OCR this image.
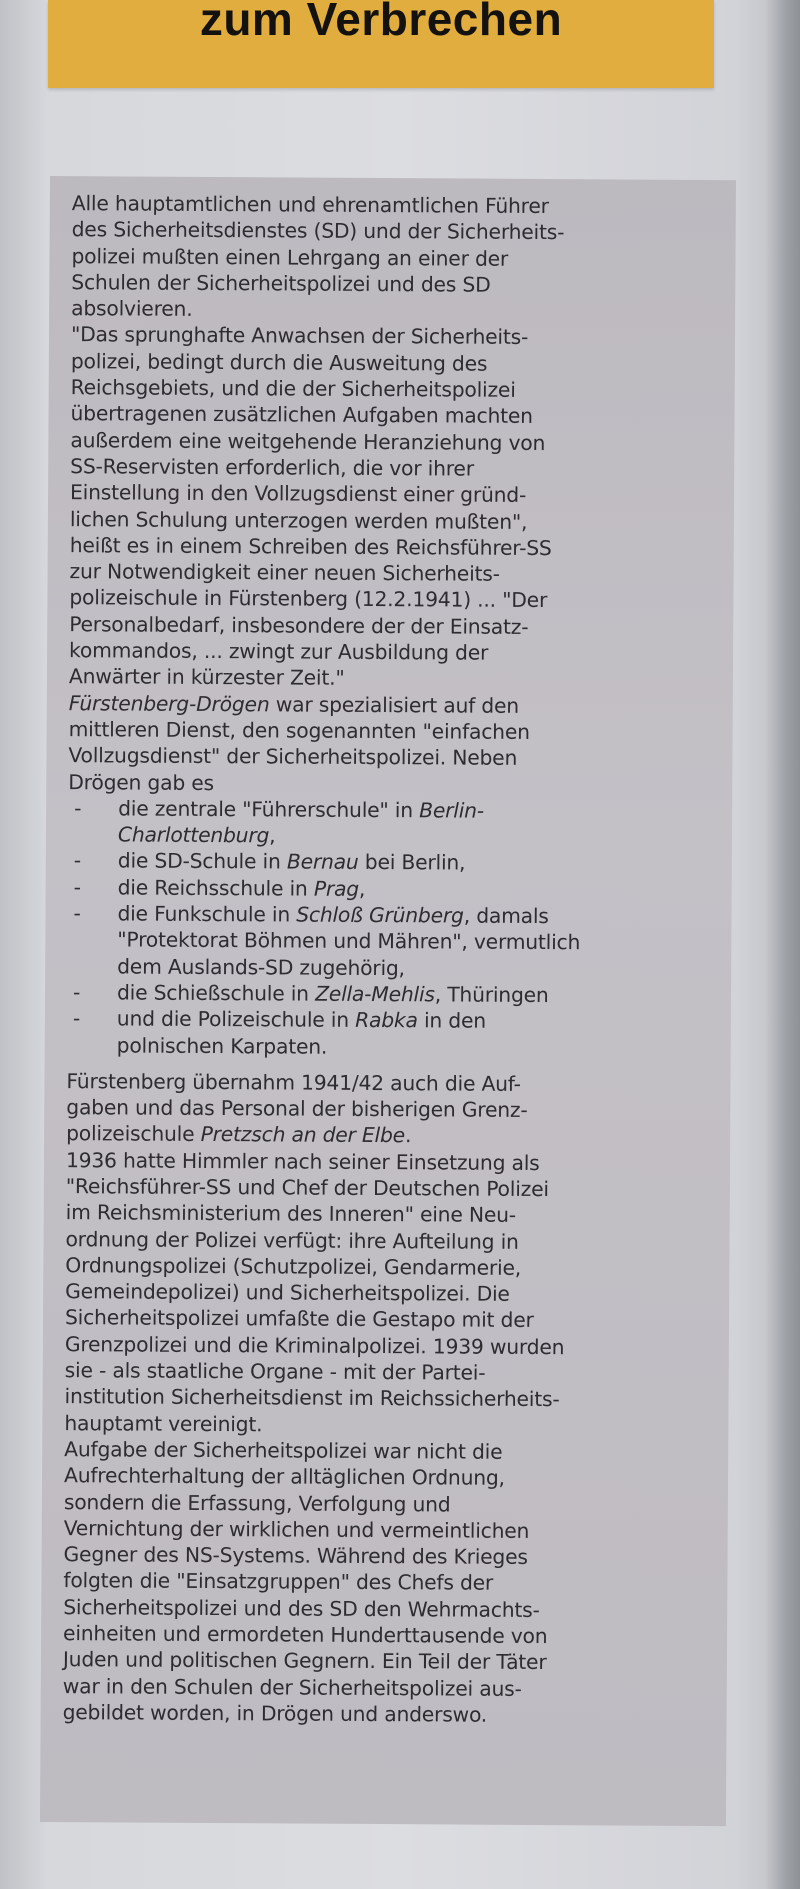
zum Verbrechen
Alle hauptamtlichen und ehrenamtlichen Führer
des Sicherheitsdienstes (SD) und der Sicherheits-
polizei mußten einen Lehrgang an einer der
Schulen der Sicherheitspolizei und des SD
absolvieren.
"Das sprunghafte Anwachsen der Sicherheits-
polizei, bedingt durch die Ausweitung des
Reichsgebiets, und die der Sicherheitspolizei
übertragenen zusätzlichen Aufgaben machten
außerdem eine weitgehende Heranziehung von
SS-Reservisten erforderlich, die vor ihrer
Einstellung in den Vollzugsdienst einer gründ-
lichen Schulung unterzogen werden mußten",
heißt es in einem Schreiben des Reichsführer-SS
zur Notwendigkeit einer neuen Sicherheits-
polizeischule in Fürstenberg (12.2.1941) ... "Der
Personalbedarf, insbesondere der der Einsatz-
kommandos, ... zwingt zur Ausbildung der
Anwärter in kürzester Zeit."
Fürstenberg-Drögen war spezialisiert auf den
mittleren Dienst, den sogenannten "einfachen
Vollzugsdienst" der Sicherheitspolizei. Neben
Drögen gab es
- die zentrale "Führerschule" in Berlin-
Charlottenburg,
- die SD-Schule in Bernau bei Berlin,
- die Reichsschule in Prag,
- die Funkschule in Schloß Grünberg, damals
"Protektorat Böhmen und Mähren", vermutlich
dem Auslands-SD zugehörig,
- die Schießschule in Zella-Mehlis, Thüringen
- und die Polizeischule in Rabka in den
polnischen Karpaten.
Fürstenberg übernahm 1941/42 auch die Auf-
gaben und das Personal der bisherigen Grenz-
polizeischule Pretzsch an der Elbe.
1936 hatte Himmler nach seiner Einsetzung als
"Reichsführer-SS und Chef der Deutschen Polizei
im Reichsministerium des Inneren" eine Neu-
ordnung der Polizei verfügt: ihre Aufteilung in
Ordnungspolizei (Schutzpolizei, Gendarmerie,
Gemeindepolizei) und Sicherheitspolizei. Die
Sicherheitspolizei umfaßte die Gestapo mit der
Grenzpolizei und die Kriminalpolizei. 1939 wurden
sie - als staatliche Organe - mit der Partei-
institution Sicherheitsdienst im Reichssicherheits-
hauptamt vereinigt.
Aufgabe der Sicherheitspolizei war nicht die
Aufrechterhaltung der alltäglichen Ordnung,
sondern die Erfassung, Verfolgung und
Vernichtung der wirklichen und vermeintlichen
Gegner des NS-Systems. Während des Krieges
folgten die "Einsatzgruppen" des Chefs der
Sicherheitspolizei und des SD den Wehrmachts-
einheiten und ermordeten Hunderttausende von
Juden und politischen Gegnern. Ein Teil der Täter
war in den Schulen der Sicherheitspolizei aus-
gebildet worden, in Drögen und anderswo.
